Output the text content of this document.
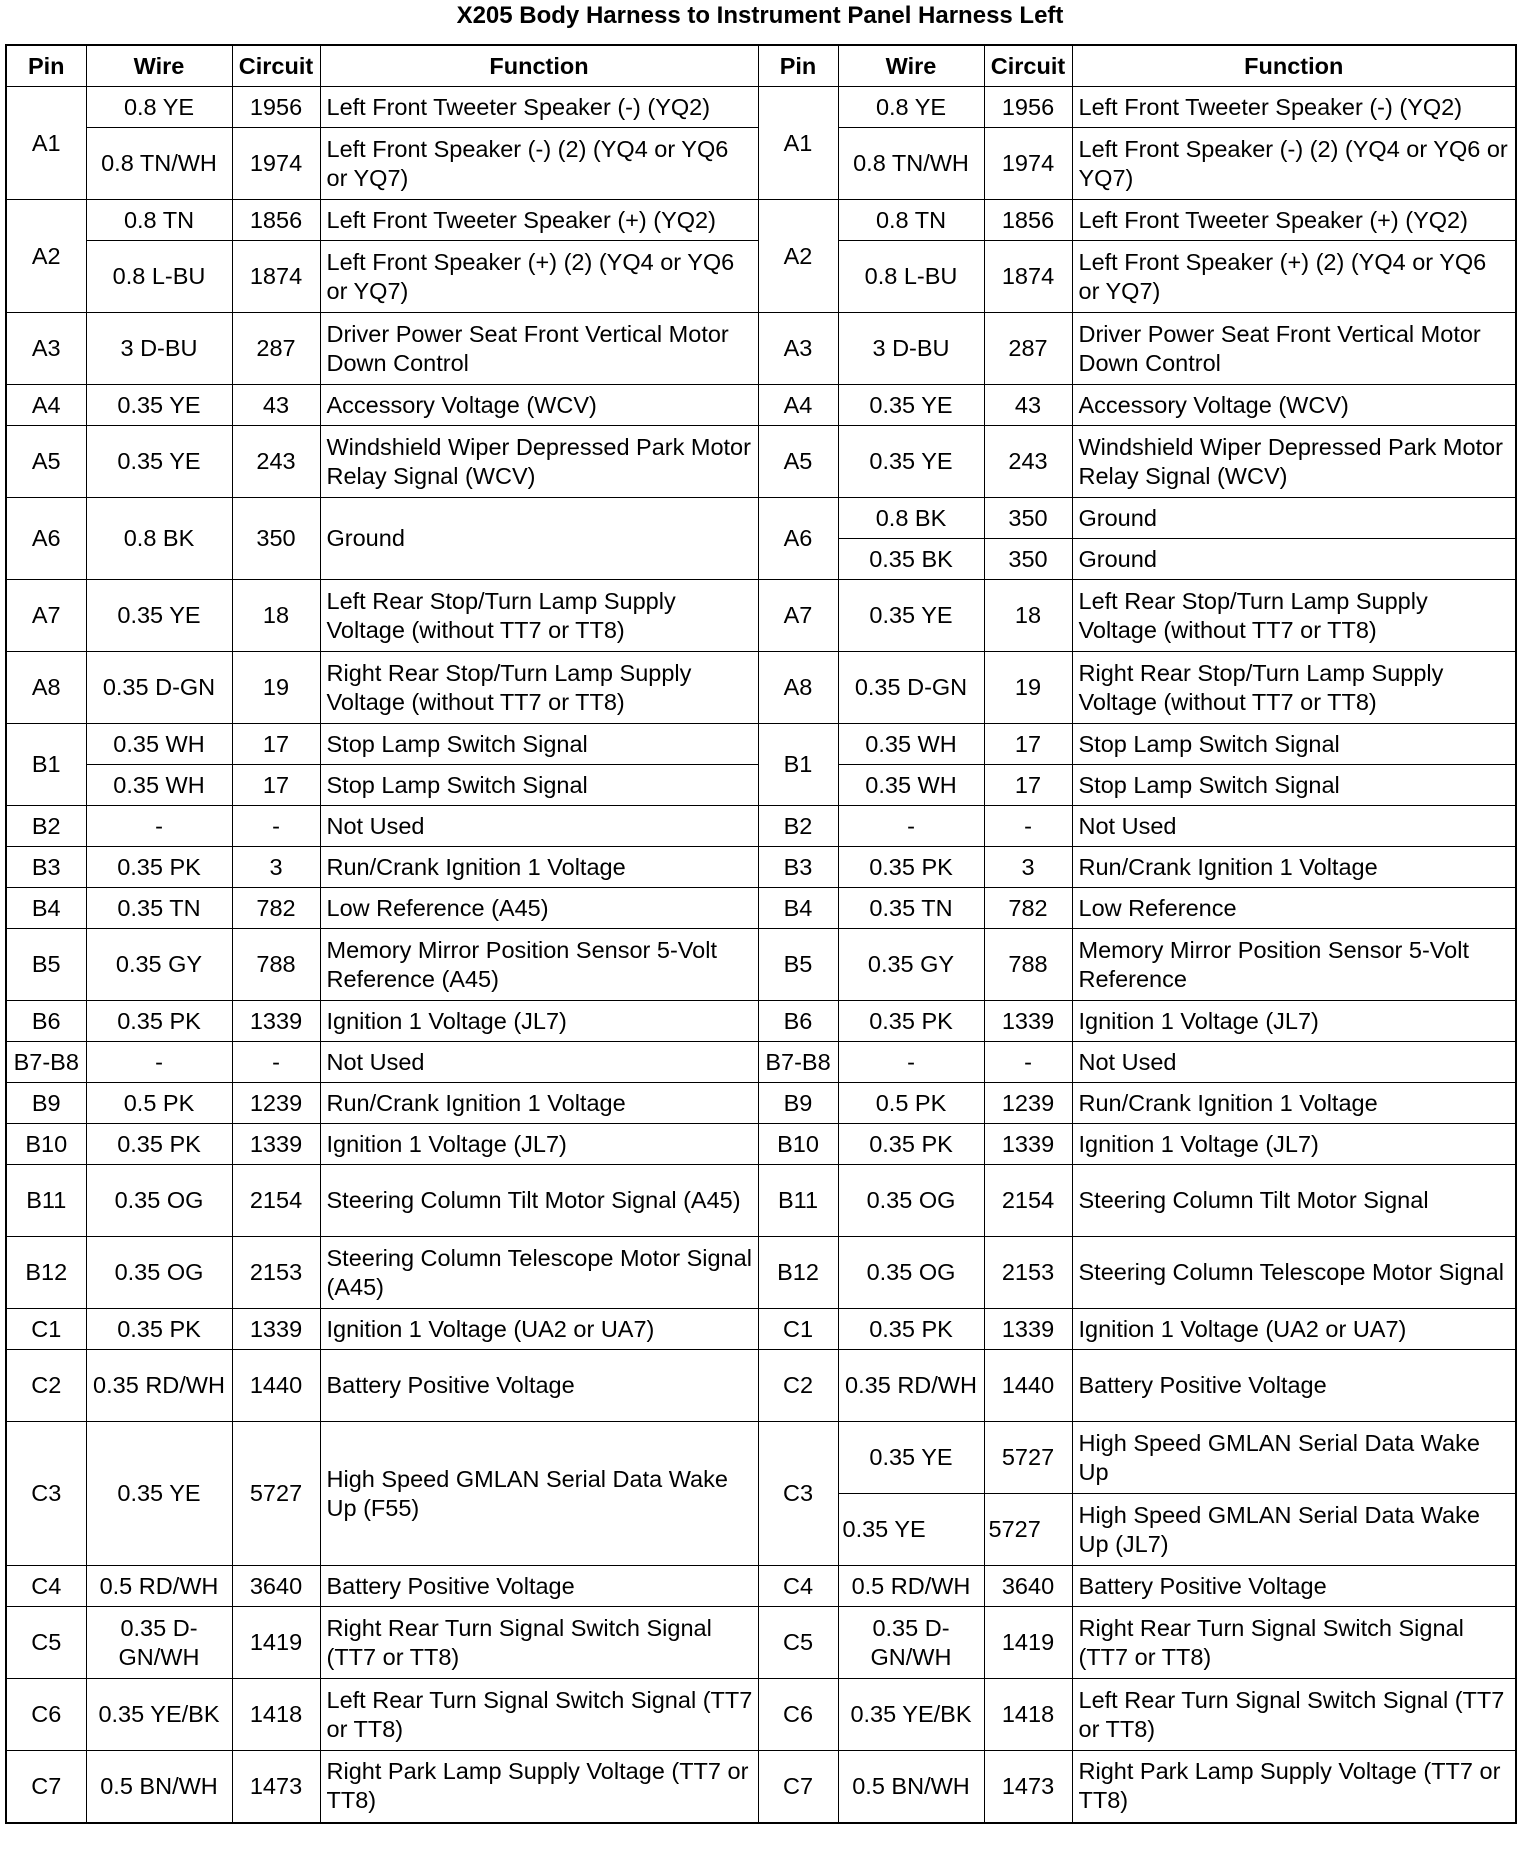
X205 Body Harness to Instrument Panel Harness Left
Pin	Wire	Circuit	Function	Pin	Wire	Circuit	Function
A1	0.8 YE	1956	Left Front Tweeter Speaker (-) (YQ2)	A1	0.8 YE	1956	Left Front Tweeter Speaker (-) (YQ2)
	0.8 TN/WH	1974	Left Front Speaker (-) (2) (YQ4 or YQ6 or YQ7)		0.8 TN/WH	1974	Left Front Speaker (-) (2) (YQ4 or YQ6 or YQ7)
A2	0.8 TN	1856	Left Front Tweeter Speaker (+) (YQ2)	A2	0.8 TN	1856	Left Front Tweeter Speaker (+) (YQ2)
	0.8 L-BU	1874	Left Front Speaker (+) (2) (YQ4 or YQ6 or YQ7)		0.8 L-BU	1874	Left Front Speaker (+) (2) (YQ4 or YQ6 or YQ7)
A3	3 D-BU	287	Driver Power Seat Front Vertical Motor Down Control	A3	3 D-BU	287	Driver Power Seat Front Vertical Motor Down Control
A4	0.35 YE	43	Accessory Voltage (WCV)	A4	0.35 YE	43	Accessory Voltage (WCV)
A5	0.35 YE	243	Windshield Wiper Depressed Park Motor Relay Signal (WCV)	A5	0.35 YE	243	Windshield Wiper Depressed Park Motor Relay Signal (WCV)
A6	0.8 BK	350	Ground	A6	0.8 BK	350	Ground
					0.35 BK	350	Ground
A7	0.35 YE	18	Left Rear Stop/Turn Lamp Supply Voltage (without TT7 or TT8)	A7	0.35 YE	18	Left Rear Stop/Turn Lamp Supply Voltage (without TT7 or TT8)
A8	0.35 D-GN	19	Right Rear Stop/Turn Lamp Supply Voltage (without TT7 or TT8)	A8	0.35 D-GN	19	Right Rear Stop/Turn Lamp Supply Voltage (without TT7 or TT8)
B1	0.35 WH	17	Stop Lamp Switch Signal	B1	0.35 WH	17	Stop Lamp Switch Signal
	0.35 WH	17	Stop Lamp Switch Signal		0.35 WH	17	Stop Lamp Switch Signal
B2	-	-	Not Used	B2	-	-	Not Used
B3	0.35 PK	3	Run/Crank Ignition 1 Voltage	B3	0.35 PK	3	Run/Crank Ignition 1 Voltage
B4	0.35 TN	782	Low Reference (A45)	B4	0.35 TN	782	Low Reference
B5	0.35 GY	788	Memory Mirror Position Sensor 5-Volt Reference (A45)	B5	0.35 GY	788	Memory Mirror Position Sensor 5-Volt Reference
B6	0.35 PK	1339	Ignition 1 Voltage (JL7)	B6	0.35 PK	1339	Ignition 1 Voltage (JL7)
B7-B8	-	-	Not Used	B7-B8	-	-	Not Used
B9	0.5 PK	1239	Run/Crank Ignition 1 Voltage	B9	0.5 PK	1239	Run/Crank Ignition 1 Voltage
B10	0.35 PK	1339	Ignition 1 Voltage (JL7)	B10	0.35 PK	1339	Ignition 1 Voltage (JL7)
B11	0.35 OG	2154	Steering Column Tilt Motor Signal (A45)	B11	0.35 OG	2154	Steering Column Tilt Motor Signal
B12	0.35 OG	2153	Steering Column Telescope Motor Signal (A45)	B12	0.35 OG	2153	Steering Column Telescope Motor Signal
C1	0.35 PK	1339	Ignition 1 Voltage (UA2 or UA7)	C1	0.35 PK	1339	Ignition 1 Voltage (UA2 or UA7)
C2	0.35 RD/WH	1440	Battery Positive Voltage	C2	0.35 RD/WH	1440	Battery Positive Voltage
C3	0.35 YE	5727	High Speed GMLAN Serial Data Wake Up (F55)	C3	0.35 YE	5727	High Speed GMLAN Serial Data Wake Up
					0.35 YE	5727	High Speed GMLAN Serial Data Wake Up (JL7)
C4	0.5 RD/WH	3640	Battery Positive Voltage	C4	0.5 RD/WH	3640	Battery Positive Voltage
C5	0.35 D-GN/WH	1419	Right Rear Turn Signal Switch Signal (TT7 or TT8)	C5	0.35 D-GN/WH	1419	Right Rear Turn Signal Switch Signal (TT7 or TT8)
C6	0.35 YE/BK	1418	Left Rear Turn Signal Switch Signal (TT7 or TT8)	C6	0.35 YE/BK	1418	Left Rear Turn Signal Switch Signal (TT7 or TT8)
C7	0.5 BN/WH	1473	Right Park Lamp Supply Voltage (TT7 or TT8)	C7	0.5 BN/WH	1473	Right Park Lamp Supply Voltage (TT7 or TT8)
